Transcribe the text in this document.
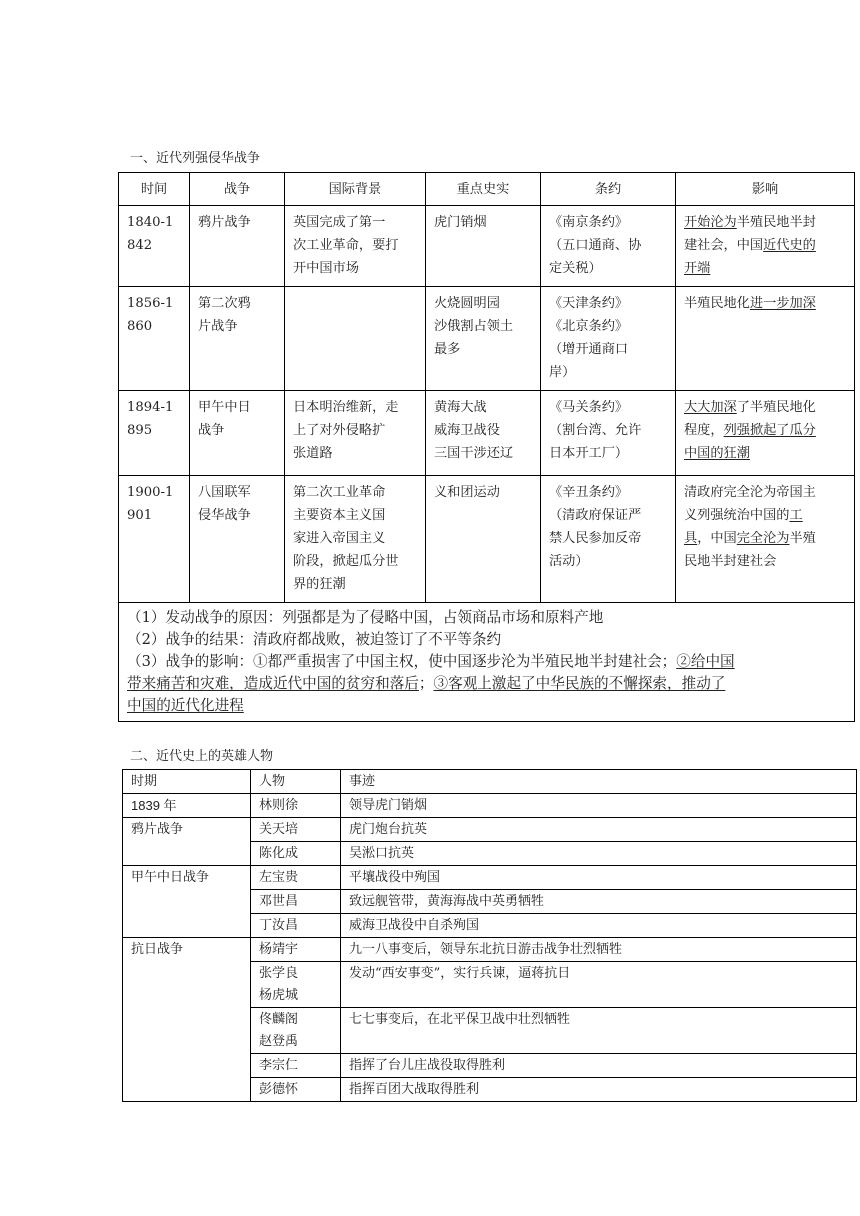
一、近代列强侵华战争
时间	战争	国际背景	重点史实	条约	影响

1840-1
842	鸦片战争	英国完成了第一
次工业革命，要打
开中国市场	虎门销烟	《南京条约》
（五口通商、协
定关税）	开始沦为半殖民地半封
建社会，中国近代史的
开端

1856-1
860	第二次鸦
片战争		火烧圆明园
沙俄割占领土
最多	《天津条约》
《北京条约》
（增开通商口
岸）	半殖民地化进一步加深

1894-1
895	甲午中日
战争	日本明治维新，走
上了对外侵略扩
张道路	黄海大战
威海卫战役
三国干涉还辽	《马关条约》
（割台湾、允许
日本开工厂）	大大加深了半殖民地化
程度，列强掀起了瓜分
中国的狂潮

1900-1
901	八国联军
侵华战争	第二次工业革命
主要资本主义国
家进入帝国主义
阶段，掀起瓜分世
界的狂潮	义和团运动	《辛丑条约》
（清政府保证严
禁人民参加反帝
活动）	清政府完全沦为帝国主
义列强统治中国的工
具，中国完全沦为半殖
民地半封建社会

（1）发动战争的原因：列强都是为了侵略中国，占领商品市场和原料产地
（2）战争的结果：清政府都战败，被迫签订了不平等条约
（3）战争的影响：①都严重损害了中国主权，使中国逐步沦为半殖民地半封建社会；②给中国
带来痛苦和灾难，造成近代中国的贫穷和落后；③客观上激起了中华民族的不懈探索，推动了
中国的近代化进程					
二、近代史上的英雄人物
时期	人物	事迹
1839 年	林则徐	领导虎门销烟
鸦片战争	关天培	虎门炮台抗英

	陈化成	吴淞口抗英
甲午中日战争	左宝贵	平壤战役中殉国

	邓世昌	致远舰管带，黄海海战中英勇牺牲

	丁汝昌	威海卫战役中自杀殉国
抗日战争	杨靖宇	九一八事变后，领导东北抗日游击战争壮烈牺牲

	张学良
杨虎城	发动“西安事变”，实行兵谏，逼蒋抗日

	佟麟阁
赵登禹	七七事变后，在北平保卫战中壮烈牺牲

	李宗仁	指挥了台儿庄战役取得胜利

	彭德怀	指挥百团大战取得胜利
